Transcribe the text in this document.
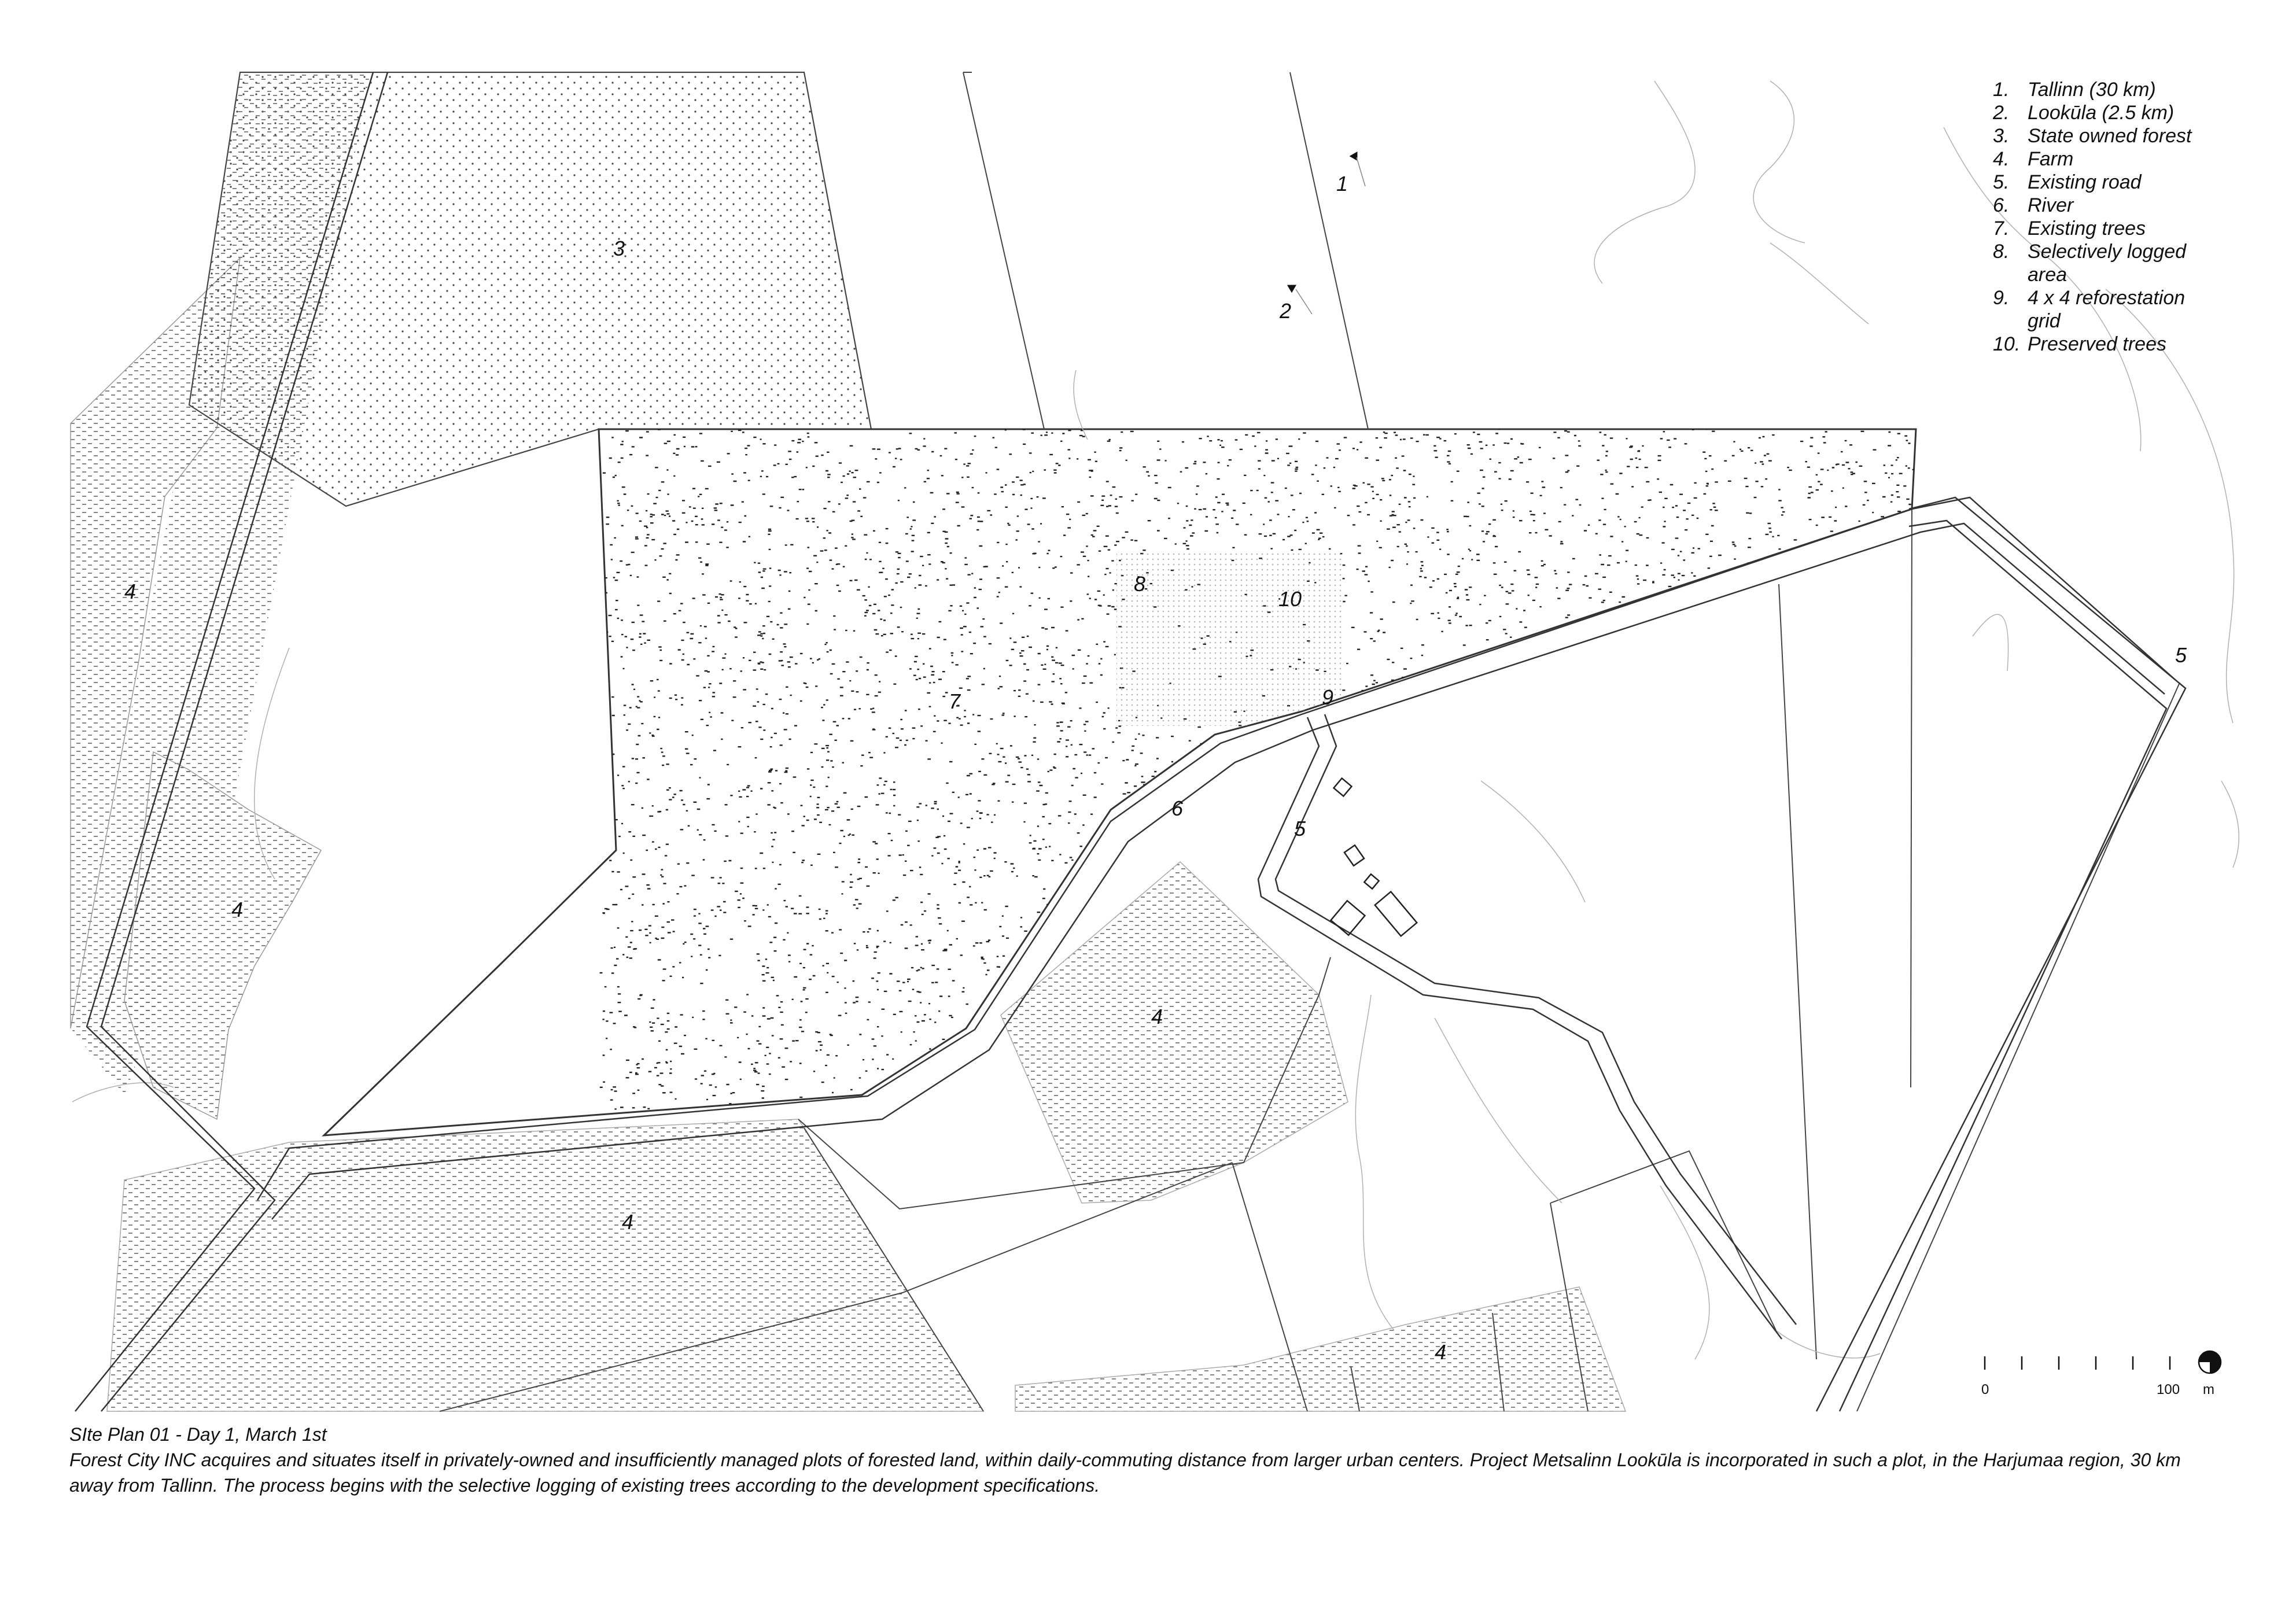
1
2
3
4
4
4
4
4
5
5
6
7
8
9
10
1. Tallinn (30 km)
2. Lookūla (2.5 km)
3. State owned forest
4. Farm
5. Existing road
6. River
7. Existing trees
8. Selectively logged
area
9. 4 x 4 reforestation
grid
10. Preserved trees
0	100 m
SIte Plan 01 - Day 1, March 1st
Forest City INC acquires and situates itself in privately-owned and insufficiently managed plots of forested land, within daily-commuting distance from larger urban centers. Project Metsalinn Lookūla is incorporated in such a plot, in the Harjumaa region, 30 km away from Tallinn. The process begins with the selective logging of existing trees according to the development specifications.
